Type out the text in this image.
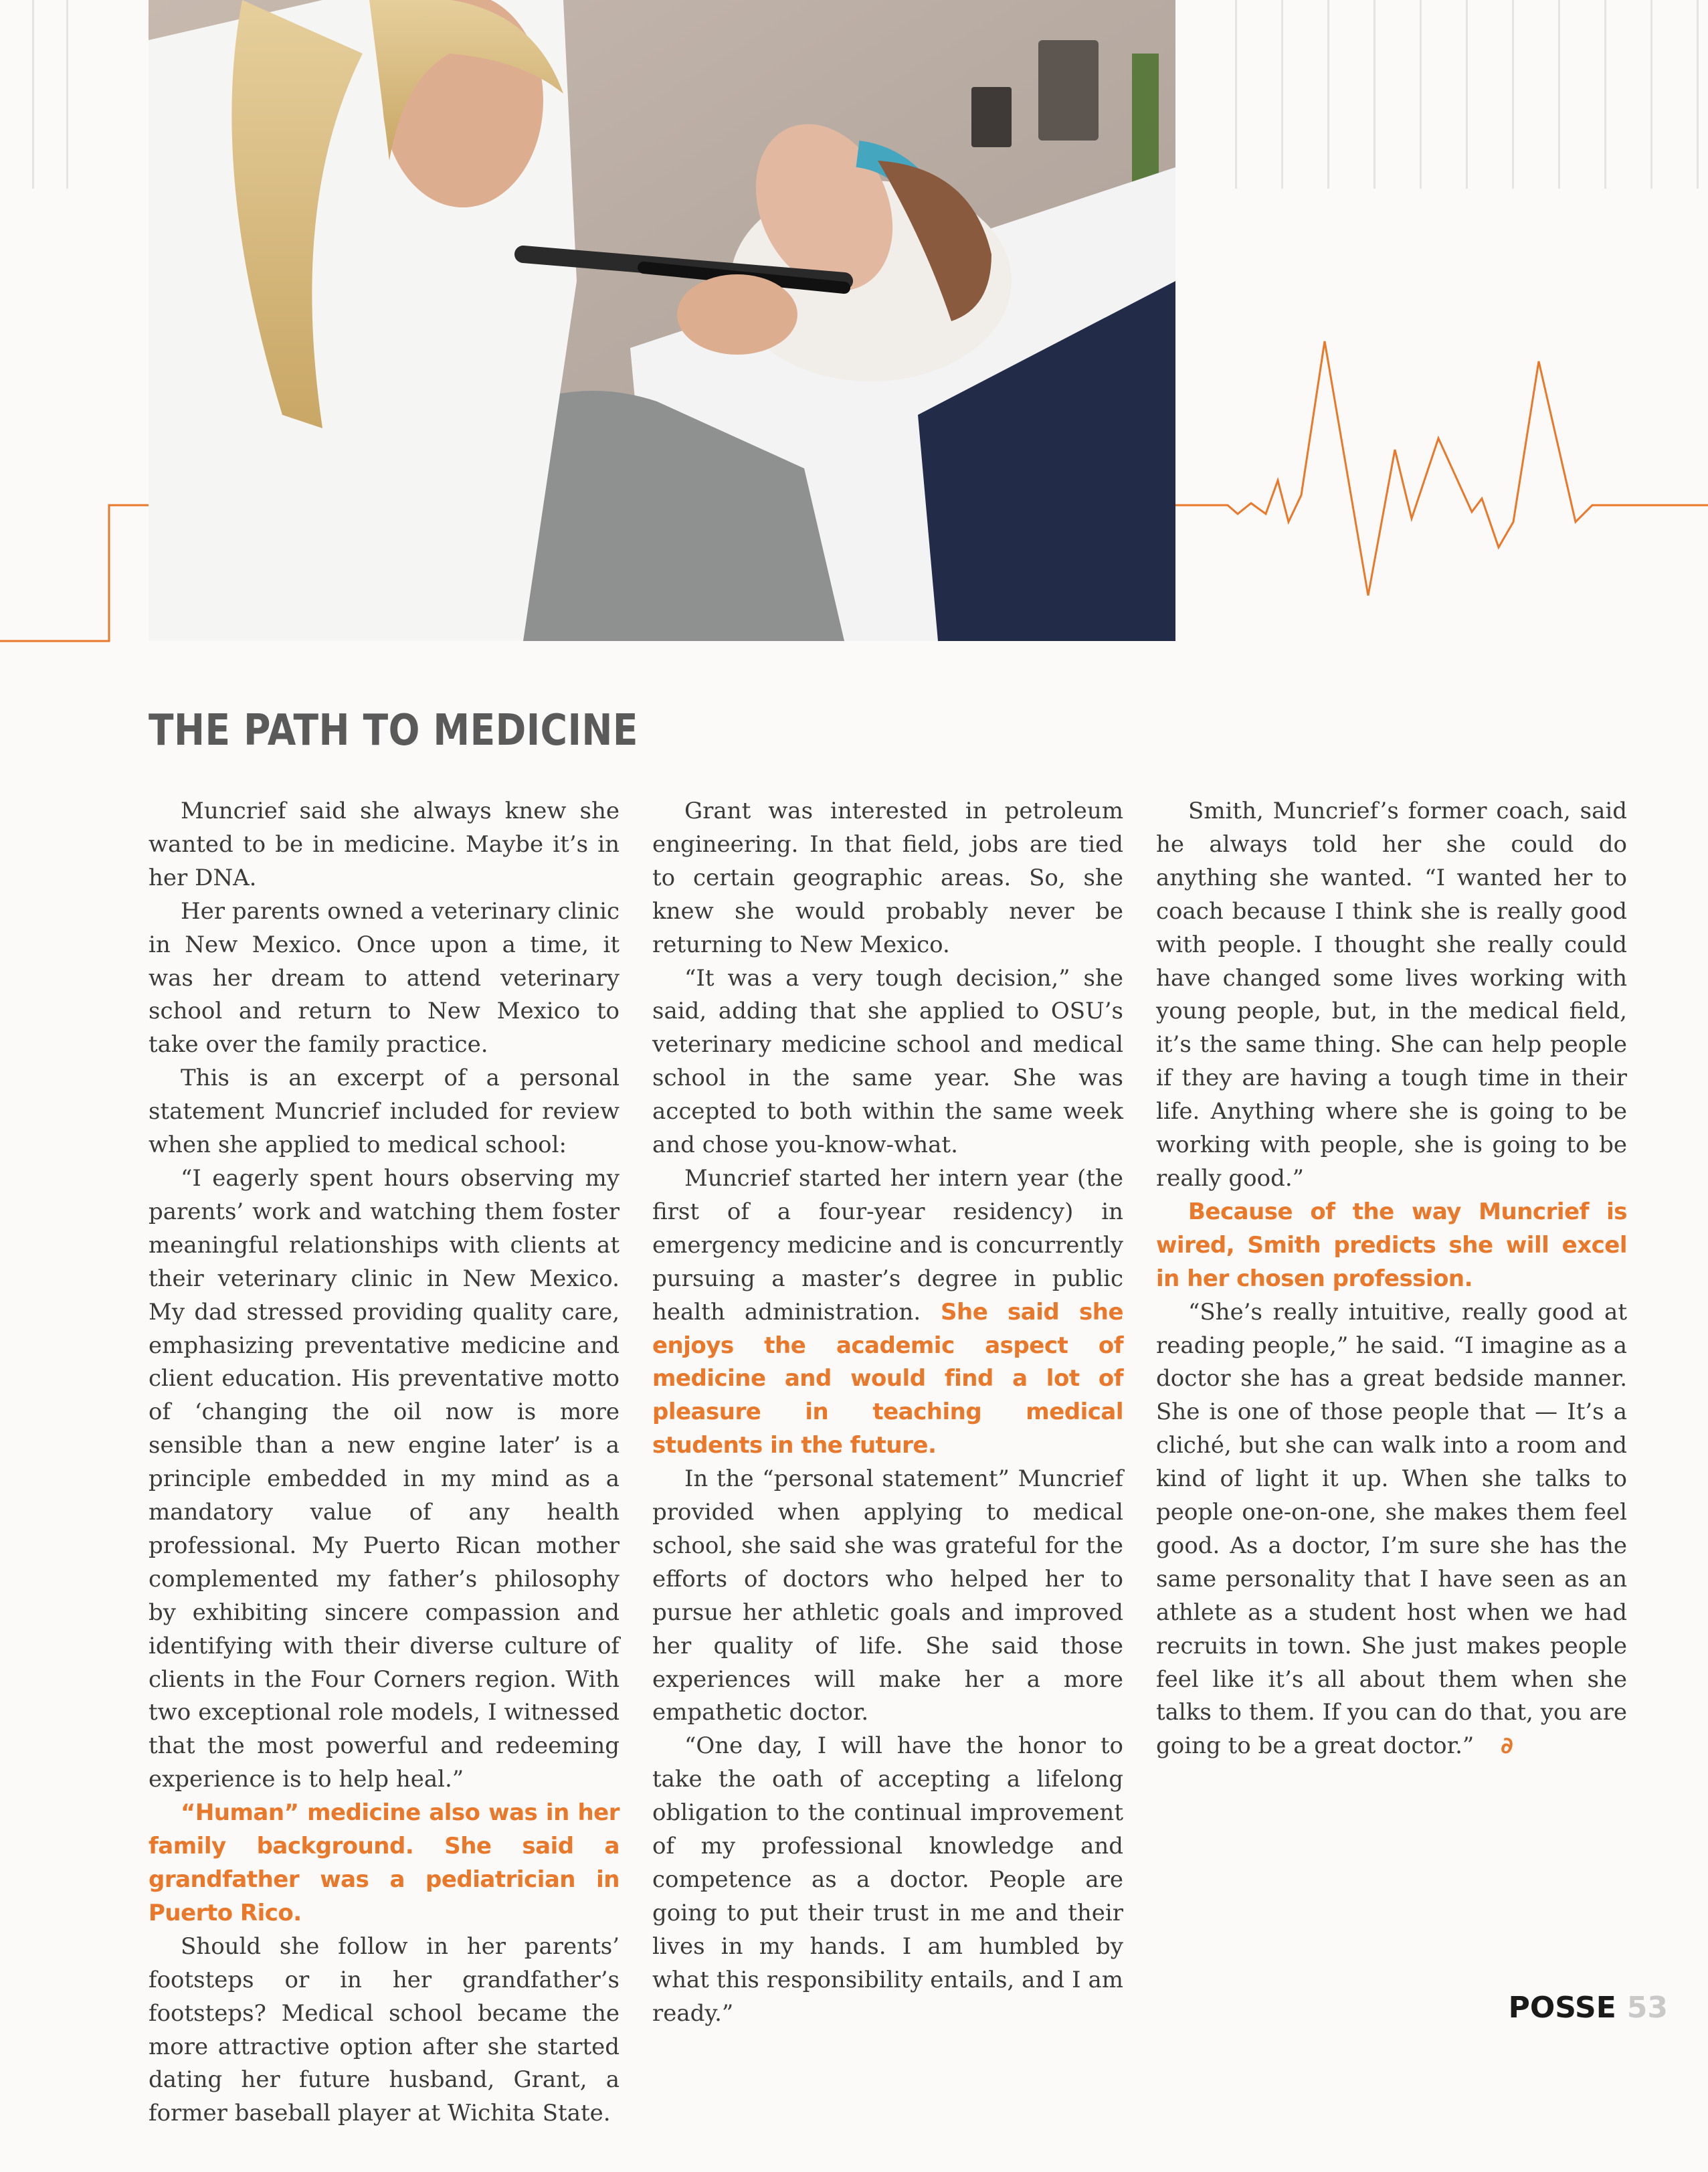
THE PATH TO MEDICINE

Muncrief said she always knew she wanted to be in medicine. Maybe it’s in her DNA.

Her parents owned a veterinary clinic in New Mexico. Once upon a time, it was her dream to attend veterinary school and return to New Mexico to take over the family practice.

This is an excerpt of a personal statement Muncrief included for review when she applied to medical school:

“I eagerly spent hours observing my parents’ work and watching them foster meaningful relationships with clients at their veterinary clinic in New Mexico. My dad stressed providing quality care, emphasizing preventative medicine and client education. His preventative motto of ‘changing the oil now is more sensible than a new engine later’ is a principle embedded in my mind as a mandatory value of any health professional. My Puerto Rican mother complemented my father’s philosophy by exhibiting sincere compassion and identifying with their diverse culture of clients in the Four Corners region. With two exceptional role models, I witnessed that the most powerful and redeeming experience is to help heal.”

“Human” medicine also was in her family background. She said a grandfather was a pediatrician in Puerto Rico.

Should she follow in her parents’ footsteps or in her grandfather’s footsteps? Medical school became the more attractive option after she started dating her future husband, Grant, a former baseball player at Wichita State.

Grant was interested in petroleum engineering. In that field, jobs are tied to certain geographic areas. So, she knew she would probably never be returning to New Mexico.

“It was a very tough decision,” she said, adding that she applied to OSU’s veterinary medicine school and medical school in the same year. She was accepted to both within the same week and chose you-know-what.

Muncrief started her intern year (the first of a four-year residency) in emergency medicine and is concurrently pursuing a master’s degree in public health administration. She said she enjoys the academic aspect of medicine and would find a lot of pleasure in teaching medical students in the future.

In the “personal statement” Muncrief provided when applying to medical school, she said she was grateful for the efforts of doctors who helped her to pursue her athletic goals and improved her quality of life. She said those experiences will make her a more empathetic doctor.

“One day, I will have the honor to take the oath of accepting a lifelong obligation to the continual improvement of my professional knowledge and competence as a doctor. People are going to put their trust in me and their lives in my hands. I am humbled by what this responsibility entails, and I am ready.”

Smith, Muncrief’s former coach, said he always told her she could do anything she wanted. “I wanted her to coach because I think she is really good with people. I thought she really could have changed some lives working with young people, but, in the medical field, it’s the same thing. She can help people if they are having a tough time in their life. Anything where she is going to be working with people, she is going to be really good.”

Because of the way Muncrief is wired, Smith predicts she will excel in her chosen profession.

“She’s really intuitive, really good at reading people,” he said. “I imagine as a doctor she has a great bedside manner. She is one of those people that — It’s a cliché, but she can walk into a room and kind of light it up. When she talks to people one-on-one, she makes them feel good. As a doctor, I’m sure she has the same personality that I have seen as an athlete as a student host when we had recruits in town. She just makes people feel like it’s all about them when she talks to them. If you can do that, you are going to be a great doctor.” ∂

POSSE 53
